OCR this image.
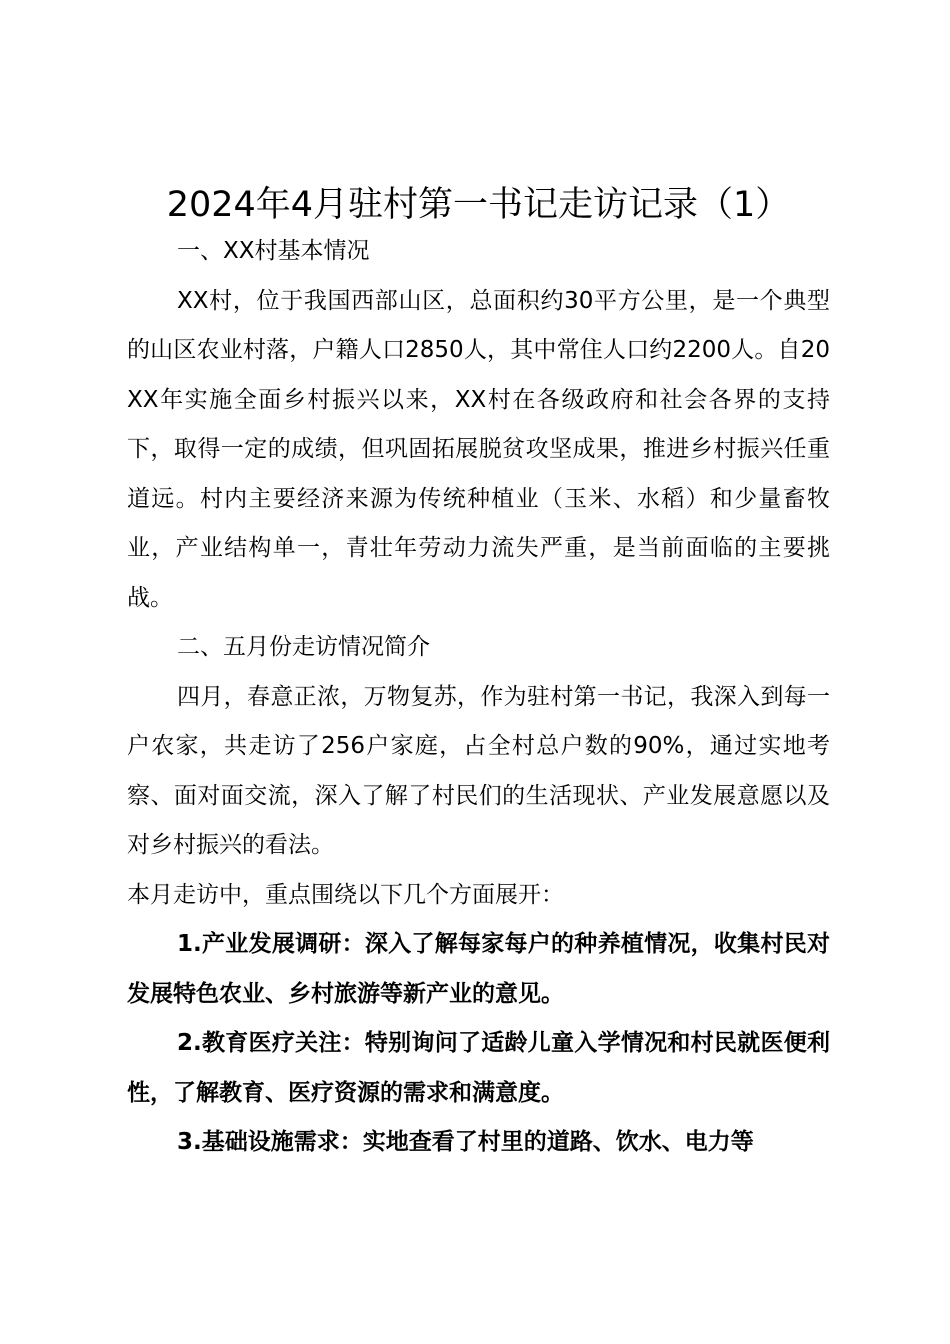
2024年4月驻村第一书记走访记录（1）

一、XX村基本情况

XX村，位于我国西部山区，总面积约30平方公里，是一个典型的山区农业村落，户籍人口2850人，其中常住人口约2200人。自20XX年实施全面乡村振兴以来，XX村在各级政府和社会各界的支持下，取得一定的成绩，但巩固拓展脱贫攻坚成果，推进乡村振兴任重道远。村内主要经济来源为传统种植业（玉米、水稻）和少量畜牧业，产业结构单一，青壮年劳动力流失严重，是当前面临的主要挑战。

二、五月份走访情况简介

四月，春意正浓，万物复苏，作为驻村第一书记，我深入到每一户农家，共走访了256户家庭，占全村总户数的90%，通过实地考察、面对面交流，深入了解了村民们的生活现状、产业发展意愿以及对乡村振兴的看法。

本月走访中，重点围绕以下几个方面展开：

1.产业发展调研：深入了解每家每户的种养植情况，收集村民对发展特色农业、乡村旅游等新产业的意见。

2.教育医疗关注：特别询问了适龄儿童入学情况和村民就医便利性，了解教育、医疗资源的需求和满意度。

3.基础设施需求：实地查看了村里的道路、饮水、电力等
